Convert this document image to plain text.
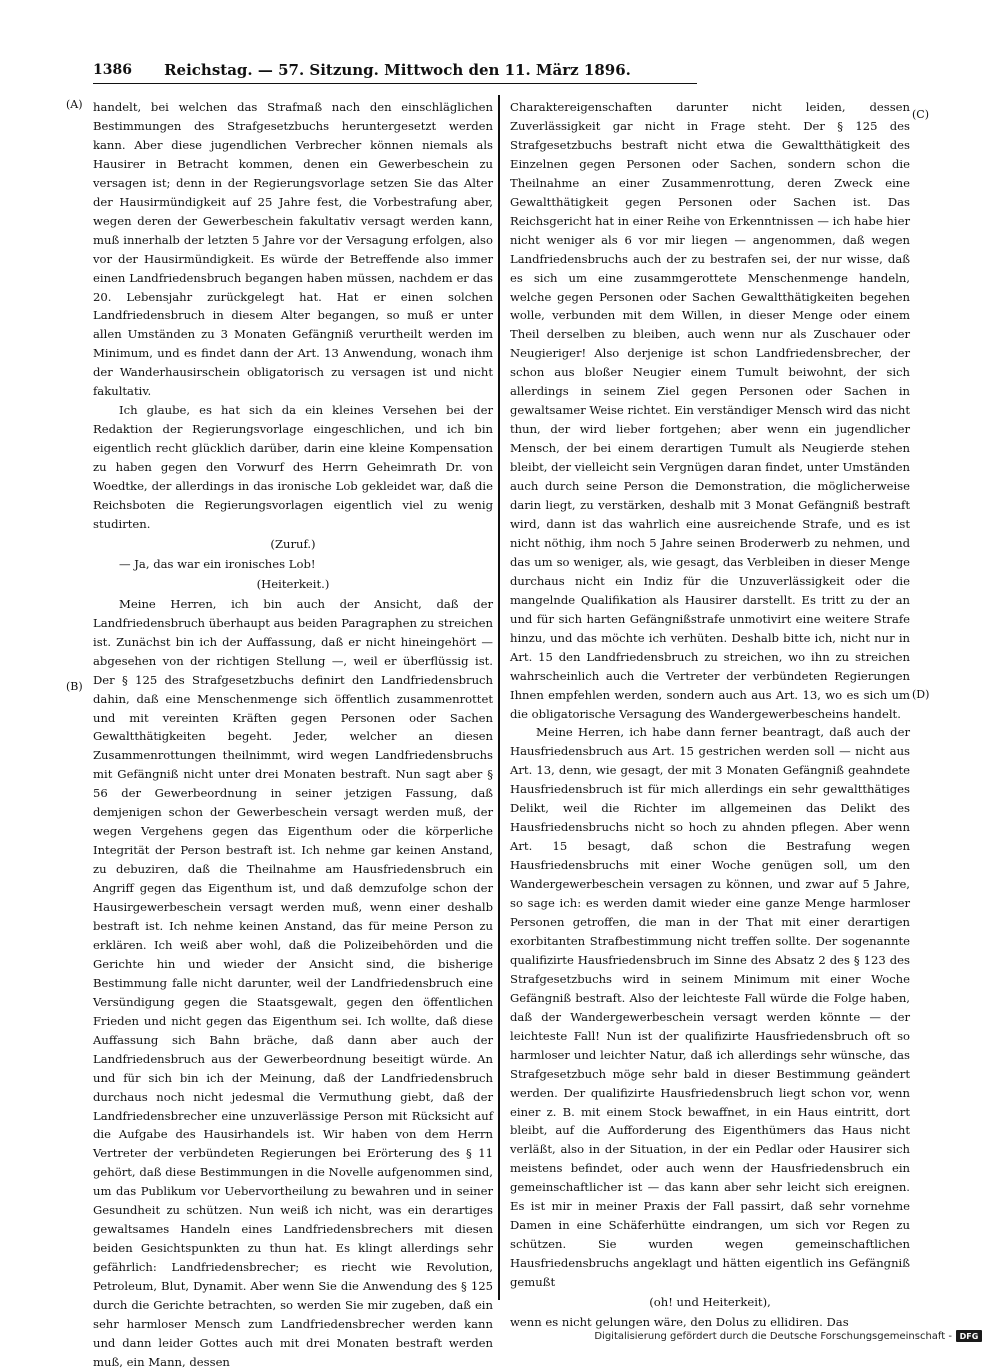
1386	Reichstag. — 57. Sitzung. Mittwoch den 11. März 1896.
(A)
(B)
(C)
(D)

handelt, bei welchen das Strafmaß nach den einschläglichen Bestimmungen des Strafgesetzbuchs heruntergesetzt werden kann. Aber diese jugendlichen Verbrecher können niemals als Hausirer in Betracht kommen, denen ein Gewerbeschein zu versagen ist; denn in der Regierungsvorlage setzen Sie das Alter der Hausirmündigkeit auf 25 Jahre fest, die Vorbestrafung aber, wegen deren der Gewerbeschein fakultativ versagt werden kann, muß innerhalb der letzten 5 Jahre vor der Versagung erfolgen, also vor der Hausirmündigkeit. Es würde der Betreffende also immer einen Landfriedensbruch begangen haben müssen, nachdem er das 20. Lebensjahr zurückgelegt hat. Hat er einen solchen Landfriedensbruch in diesem Alter begangen, so muß er unter allen Umständen zu 3 Monaten Gefängniß verurtheilt werden im Minimum, und es findet dann der Art. 13 Anwendung, wonach ihm der Wanderhausirschein obligatorisch zu versagen ist und nicht fakultativ.

Ich glaube, es hat sich da ein kleines Versehen bei der Redaktion der Regierungsvorlage eingeschlichen, und ich bin eigentlich recht glücklich darüber, darin eine kleine Kompensation zu haben gegen den Vorwurf des Herrn Geheimrath Dr. von Woedtke, der allerdings in das ironische Lob gekleidet war, daß die Reichsboten die Regierungsvorlagen eigentlich viel zu wenig studirten.

(Zuruf.)

— Ja, das war ein ironisches Lob!

(Heiterkeit.)

Meine Herren, ich bin auch der Ansicht, daß der Landfriedensbruch überhaupt aus beiden Paragraphen zu streichen ist. Zunächst bin ich der Auffassung, daß er nicht hineingehört — abgesehen von der richtigen Stellung —, weil er überflüssig ist. Der § 125 des Strafgesetzbuchs definirt den Landfriedensbruch dahin, daß eine Menschenmenge sich öffentlich zusammenrottet und mit vereinten Kräften gegen Personen oder Sachen Gewaltthätigkeiten begeht. Jeder, welcher an diesen Zusammenrottungen theilnimmt, wird wegen Landfriedensbruchs mit Gefängniß nicht unter drei Monaten bestraft. Nun sagt aber § 56 der Gewerbeordnung in seiner jetzigen Fassung, daß demjenigen schon der Gewerbeschein versagt werden muß, der wegen Vergehens gegen das Eigenthum oder die körperliche Integrität der Person bestraft ist. Ich nehme gar keinen Anstand, zu debuziren, daß die Theilnahme am Hausfriedensbruch ein Angriff gegen das Eigenthum ist, und daß demzufolge schon der Hausirgewerbeschein versagt werden muß, wenn einer deshalb bestraft ist. Ich nehme keinen Anstand, das für meine Person zu erklären. Ich weiß aber wohl, daß die Polizeibehörden und die Gerichte hin und wieder der Ansicht sind, die bisherige Bestimmung falle nicht darunter, weil der Landfriedensbruch eine Versündigung gegen die Staatsgewalt, gegen den öffentlichen Frieden und nicht gegen das Eigenthum sei. Ich wollte, daß diese Auffassung sich Bahn bräche, daß dann aber auch der Landfriedensbruch aus der Gewerbeordnung beseitigt würde. An und für sich bin ich der Meinung, daß der Landfriedensbruch durchaus noch nicht jedesmal die Vermuthung giebt, daß der Landfriedensbrecher eine unzuverlässige Person mit Rücksicht auf die Aufgabe des Hausirhandels ist. Wir haben von dem Herrn Vertreter der verbündeten Regierungen bei Erörterung des § 11 gehört, daß diese Bestimmungen in die Novelle aufgenommen sind, um das Publikum vor Uebervortheilung zu bewahren und in seiner Gesundheit zu schützen. Nun weiß ich nicht, was ein derartiges gewaltsames Handeln eines Landfriedensbrechers mit diesen beiden Gesichtspunkten zu thun hat. Es klingt allerdings sehr gefährlich: Landfriedensbrecher; es riecht wie Revolution, Petroleum, Blut, Dynamit. Aber wenn Sie die Anwendung des § 125 durch die Gerichte betrachten, so werden Sie mir zugeben, daß ein sehr harmloser Mensch zum Landfriedensbrecher werden kann und dann leider Gottes auch mit drei Monaten bestraft werden muß, ein Mann, dessen

Charaktereigenschaften darunter nicht leiden, dessen Zuverlässigkeit gar nicht in Frage steht. Der § 125 des Strafgesetzbuchs bestraft nicht etwa die Gewaltthätigkeit des Einzelnen gegen Personen oder Sachen, sondern schon die Theilnahme an einer Zusammenrottung, deren Zweck eine Gewaltthätigkeit gegen Personen oder Sachen ist. Das Reichsgericht hat in einer Reihe von Erkenntnissen — ich habe hier nicht weniger als 6 vor mir liegen — angenommen, daß wegen Landfriedensbruchs auch der zu bestrafen sei, der nur wisse, daß es sich um eine zusammgerottete Menschenmenge handeln, welche gegen Personen oder Sachen Gewaltthätigkeiten begehen wolle, verbunden mit dem Willen, in dieser Menge oder einem Theil derselben zu bleiben, auch wenn nur als Zuschauer oder Neugieriger! Also derjenige ist schon Landfriedensbrecher, der schon aus bloßer Neugier einem Tumult beiwohnt, der sich allerdings in seinem Ziel gegen Personen oder Sachen in gewaltsamer Weise richtet. Ein verständiger Mensch wird das nicht thun, der wird lieber fortgehen; aber wenn ein jugendlicher Mensch, der bei einem derartigen Tumult als Neugierde stehen bleibt, der vielleicht sein Vergnügen daran findet, unter Umständen auch durch seine Person die Demonstration, die möglicherweise darin liegt, zu verstärken, deshalb mit 3 Monat Gefängniß bestraft wird, dann ist das wahrlich eine ausreichende Strafe, und es ist nicht nöthig, ihm noch 5 Jahre seinen Broderwerb zu nehmen, und das um so weniger, als, wie gesagt, das Verbleiben in dieser Menge durchaus nicht ein Indiz für die Unzuverlässigkeit oder die mangelnde Qualifikation als Hausirer darstellt. Es tritt zu der an und für sich harten Gefängnißstrafe unmotivirt eine weitere Strafe hinzu, und das möchte ich verhüten. Deshalb bitte ich, nicht nur in Art. 15 den Landfriedensbruch zu streichen, wo ihn zu streichen wahrscheinlich auch die Vertreter der verbündeten Regierungen Ihnen empfehlen werden, sondern auch aus Art. 13, wo es sich um die obligatorische Versagung des Wandergewerbescheins handelt.

Meine Herren, ich habe dann ferner beantragt, daß auch der Hausfriedensbruch aus Art. 15 gestrichen werden soll — nicht aus Art. 13, denn, wie gesagt, der mit 3 Monaten Gefängniß geahndete Hausfriedensbruch ist für mich allerdings ein sehr gewaltthätiges Delikt, weil die Richter im allgemeinen das Delikt des Hausfriedensbruchs nicht so hoch zu ahnden pflegen. Aber wenn Art. 15 besagt, daß schon die Bestrafung wegen Hausfriedensbruchs mit einer Woche genügen soll, um den Wandergewerbeschein versagen zu können, und zwar auf 5 Jahre, so sage ich: es werden damit wieder eine ganze Menge harmloser Personen getroffen, die man in der That mit einer derartigen exorbitanten Strafbestimmung nicht treffen sollte. Der sogenannte qualifizirte Hausfriedensbruch im Sinne des Absatz 2 des § 123 des Strafgesetzbuchs wird in seinem Minimum mit einer Woche Gefängniß bestraft. Also der leichteste Fall würde die Folge haben, daß der Wandergewerbeschein versagt werden könnte — der leichteste Fall! Nun ist der qualifizirte Hausfriedensbruch oft so harmloser und leichter Natur, daß ich allerdings sehr wünsche, das Strafgesetzbuch möge sehr bald in dieser Bestimmung geändert werden. Der qualifizirte Hausfriedensbruch liegt schon vor, wenn einer z. B. mit einem Stock bewaffnet, in ein Haus eintritt, dort bleibt, auf die Aufforderung des Eigenthümers das Haus nicht verläßt, also in der Situation, in der ein Pedlar oder Hausirer sich meistens befindet, oder auch wenn der Hausfriedensbruch ein gemeinschaftlicher ist — das kann aber sehr leicht sich ereignen. Es ist mir in meiner Praxis der Fall passirt, daß sehr vornehme Damen in eine Schäferhütte eindrangen, um sich vor Regen zu schützen. Sie wurden wegen gemeinschaftlichen Hausfriedensbruchs angeklagt und hätten eigentlich ins Gefängniß gemußt

(oh! und Heiterkeit),

wenn es nicht gelungen wäre, den Dolus zu ellidiren. Das

Digitalisierung gefördert durch die Deutsche Forschungsgemeinschaft - DFG
